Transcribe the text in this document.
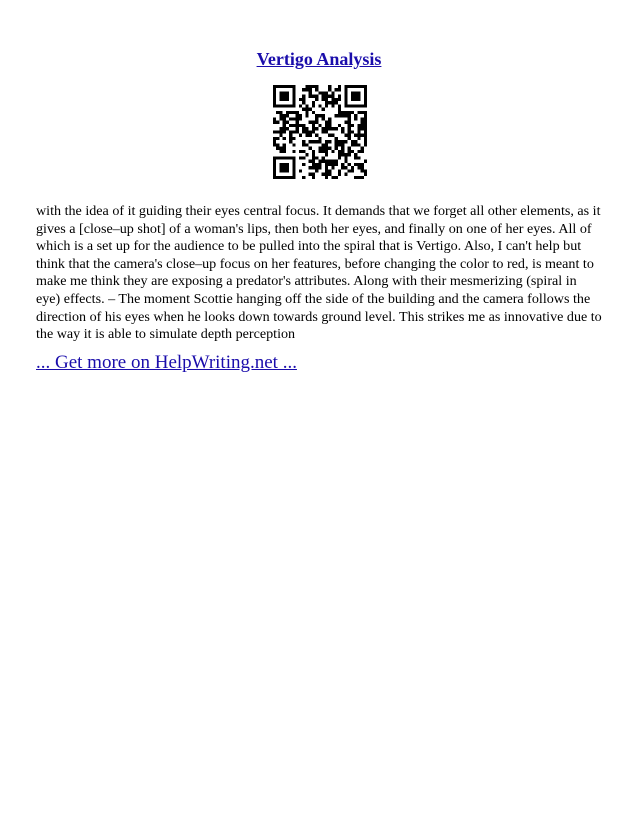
Vertigo Analysis

with the idea of it guiding their eyes central focus. It demands that we forget all other elements, as it gives a [close–up shot] of a woman's lips, then both her eyes, and finally on one of her eyes. All of which is a set up for the audience to be pulled into the spiral that is Vertigo. Also, I can't help but think that the camera's close–up focus on her features, before changing the color to red, is meant to make me think they are exposing a predator's attributes. Along with their mesmerizing (spiral in eye) effects. – The moment Scottie hanging off the side of the building and the camera follows the direction of his eyes when he looks down towards ground level. This strikes me as innovative due to the way it is able to simulate depth perception

... Get more on HelpWriting.net ...
